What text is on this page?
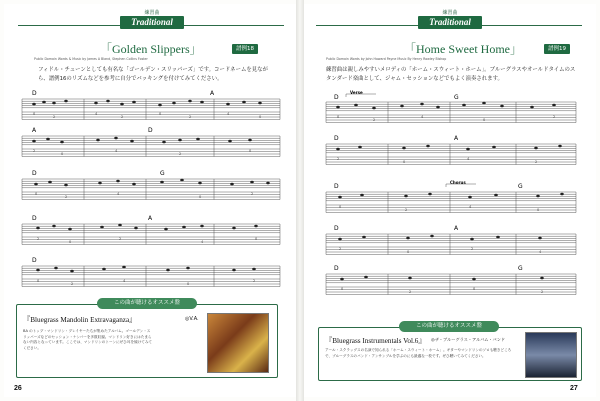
練習曲
Traditional
「Golden Slippers」	譜例18
Public Domain Words & Music by James A Bland, Stephen Collins Foster
フィドル・チューンとしても有名な「ゴールデン・スリッパーズ」です。コードネームを見ながら、譜例16のリズムなどを参考に自分でバッキングを付けてみてください。
0
2
4
2
0
2
4
0
2
0
4
2
0
0
2
4
0
2
2
0
2
4
0
0
2
4
0
2
D	A
A	D
D	G
D	A
D
この曲が聴けるオススメ盤
『Bluegrass Mandolin Extravaganza』	◎V.A.
BA のトップ・マンドリン・プレイヤーたちが集めたアルバム。ゴールデン・スリッパーズなどのセッション・ナンバーを多数収録。マンドリン好きにはたまらない内容となっています。ここでは、マンドリンのトーンにぜひ耳を傾けてみてください。
26
練習曲
Traditional
「Home Sweet Home」	譜例19
Public Domain Words by John Howard Payne Music By Henry Rowley Bishop
練習曲は親しみやすいメロディの「ホーム・スウィート・ホーム」。ブルーグラスやオールドタイムのスタンダード楽曲として、ジャム・セッションなどでもよく演奏されます。
0
2
4
0
2
2
0
4
2
0
2
4
0
2
0
2
4
0
2
0
2
Verse
Chorus
D	G
D	A
D	G
D	A
D	G
この曲が聴けるオススメ盤
『Bluegrass Instrumentals Vol.6』 ◎ザ・ブルーグラス・アルバム・バンド
アール・スクラッグスの名演で知られる「ホーム・スウィート・ホーム」。ギターやマンドリンのソロも聴きどころで、ブルーグラスのバンド・アンサンブルを学ぶのにも最適な一枚です。ぜひ聴いてみてください。
27
